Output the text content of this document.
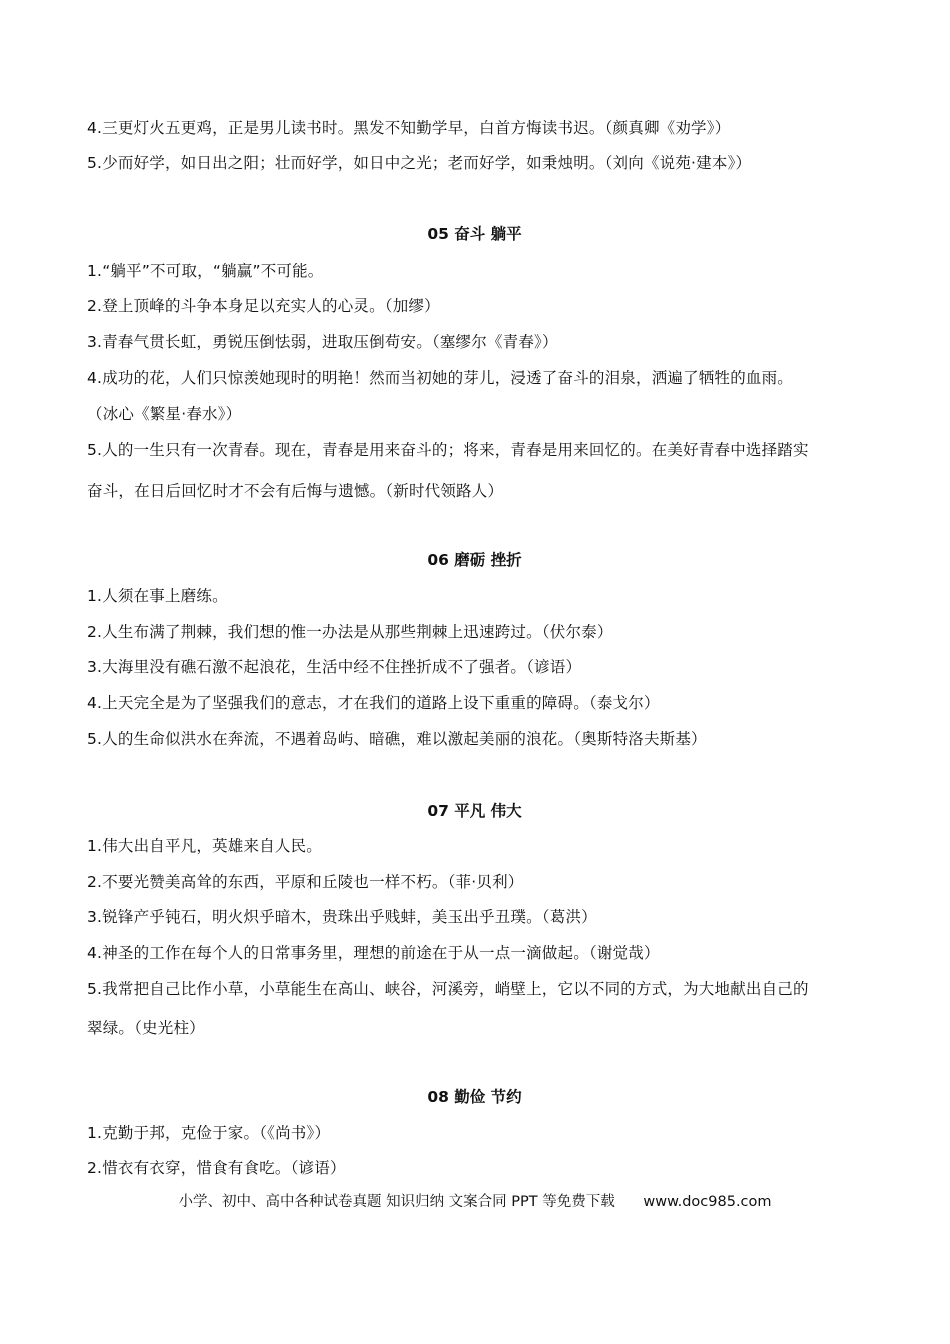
4.三更灯火五更鸡，正是男儿读书时。黑发不知勤学早，白首方悔读书迟。（颜真卿《劝学》）
5.少而好学，如日出之阳；壮而好学，如日中之光；老而好学，如秉烛明。（刘向《说苑·建本》）
05 奋斗 躺平
1.“躺平”不可取，“躺赢”不可能。
2.登上顶峰的斗争本身足以充实人的心灵。（加缪）
3.青春气贯长虹，勇锐压倒怯弱，进取压倒苟安。（塞缪尔《青春》）
4.成功的花，人们只惊羡她现时的明艳！然而当初她的芽儿，浸透了奋斗的泪泉，洒遍了牺牲的血雨。
（冰心《繁星·春水》）
5.人的一生只有一次青春。现在，青春是用来奋斗的；将来，青春是用来回忆的。在美好青春中选择踏实
奋斗，在日后回忆时才不会有后悔与遗憾。（新时代领路人）
06 磨砺 挫折
1.人须在事上磨练。
2.人生布满了荆棘，我们想的惟一办法是从那些荆棘上迅速跨过。（伏尔泰）
3.大海里没有礁石激不起浪花，生活中经不住挫折成不了强者。（谚语）
4.上天完全是为了坚强我们的意志，才在我们的道路上设下重重的障碍。（泰戈尔）
5.人的生命似洪水在奔流，不遇着岛屿、暗礁，难以激起美丽的浪花。（奥斯特洛夫斯基）
07 平凡 伟大
1.伟大出自平凡，英雄来自人民。
2.不要光赞美高耸的东西，平原和丘陵也一样不朽。（菲·贝利）
3.锐锋产乎钝石，明火炽乎暗木，贵珠出乎贱蚌，美玉出乎丑璞。（葛洪）
4.神圣的工作在每个人的日常事务里，理想的前途在于从一点一滴做起。（谢觉哉）
5.我常把自己比作小草，小草能生在高山、峡谷，河溪旁，峭壁上，它以不同的方式，为大地献出自己的
翠绿。（史光柱）
08 勤俭 节约
1.克勤于邦，克俭于家。（《尚书》）
2.惜衣有衣穿，惜食有食吃。（谚语）
小学、初中、高中各种试卷真题 知识归纳 文案合同 PPT 等免费下载 www.doc985.com
